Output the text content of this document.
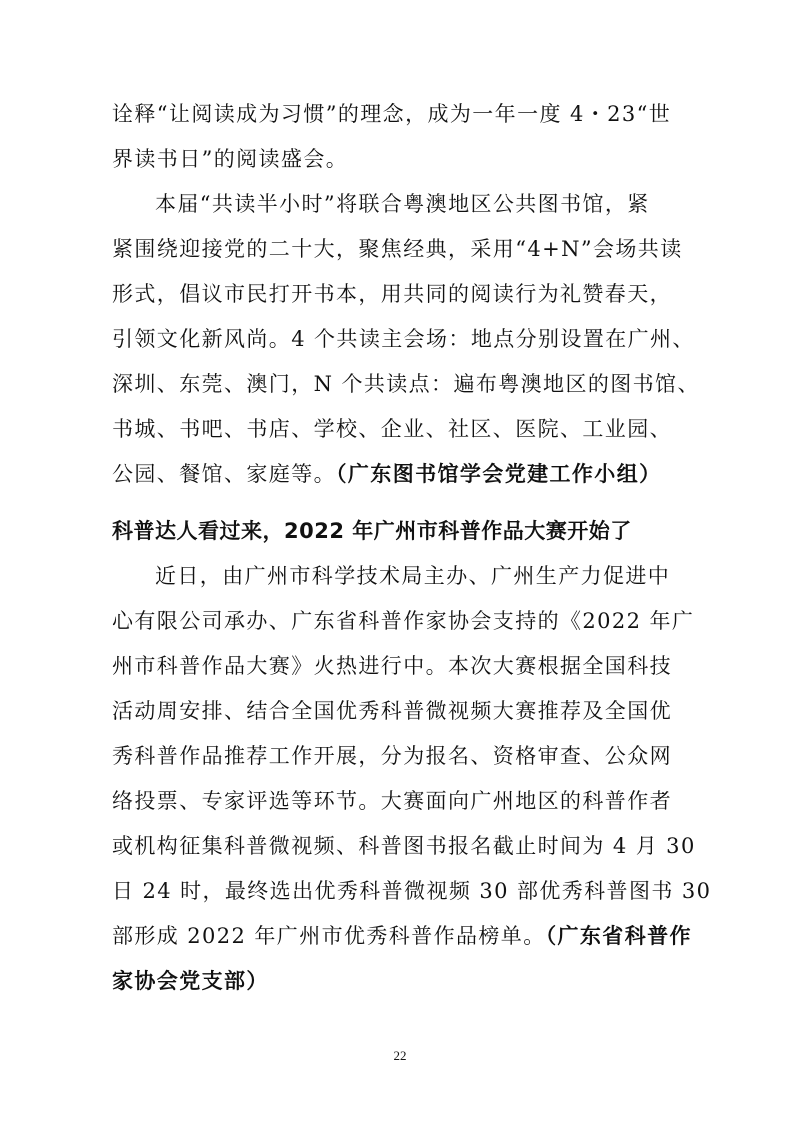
诠释“让阅读成为习惯”的理念，成为一年一度 4・23“世
界读书日”的阅读盛会。
本届“共读半小时”将联合粤澳地区公共图书馆，紧
紧围绕迎接党的二十大，聚焦经典，采用“4+N”会场共读
形式，倡议市民打开书本，用共同的阅读行为礼赞春天，
引领文化新风尚。4 个共读主会场：地点分别设置在广州、
深圳、东莞、澳门，N 个共读点：遍布粤澳地区的图书馆、
书城、书吧、书店、学校、企业、社区、医院、工业园、
公园、餐馆、家庭等。（广东图书馆学会党建工作小组）
科普达人看过来，2022 年广州市科普作品大赛开始了
近日，由广州市科学技术局主办、广州生产力促进中
心有限公司承办、广东省科普作家协会支持的《2022 年广
州市科普作品大赛》火热进行中。本次大赛根据全国科技
活动周安排、结合全国优秀科普微视频大赛推荐及全国优
秀科普作品推荐工作开展，分为报名、资格审查、公众网
络投票、专家评选等环节。大赛面向广州地区的科普作者
或机构征集科普微视频、科普图书报名截止时间为 4 月 30
日 24 时，最终选出优秀科普微视频 30 部优秀科普图书 30
部形成 2022 年广州市优秀科普作品榜单。（广东省科普作
家协会党支部）
22
